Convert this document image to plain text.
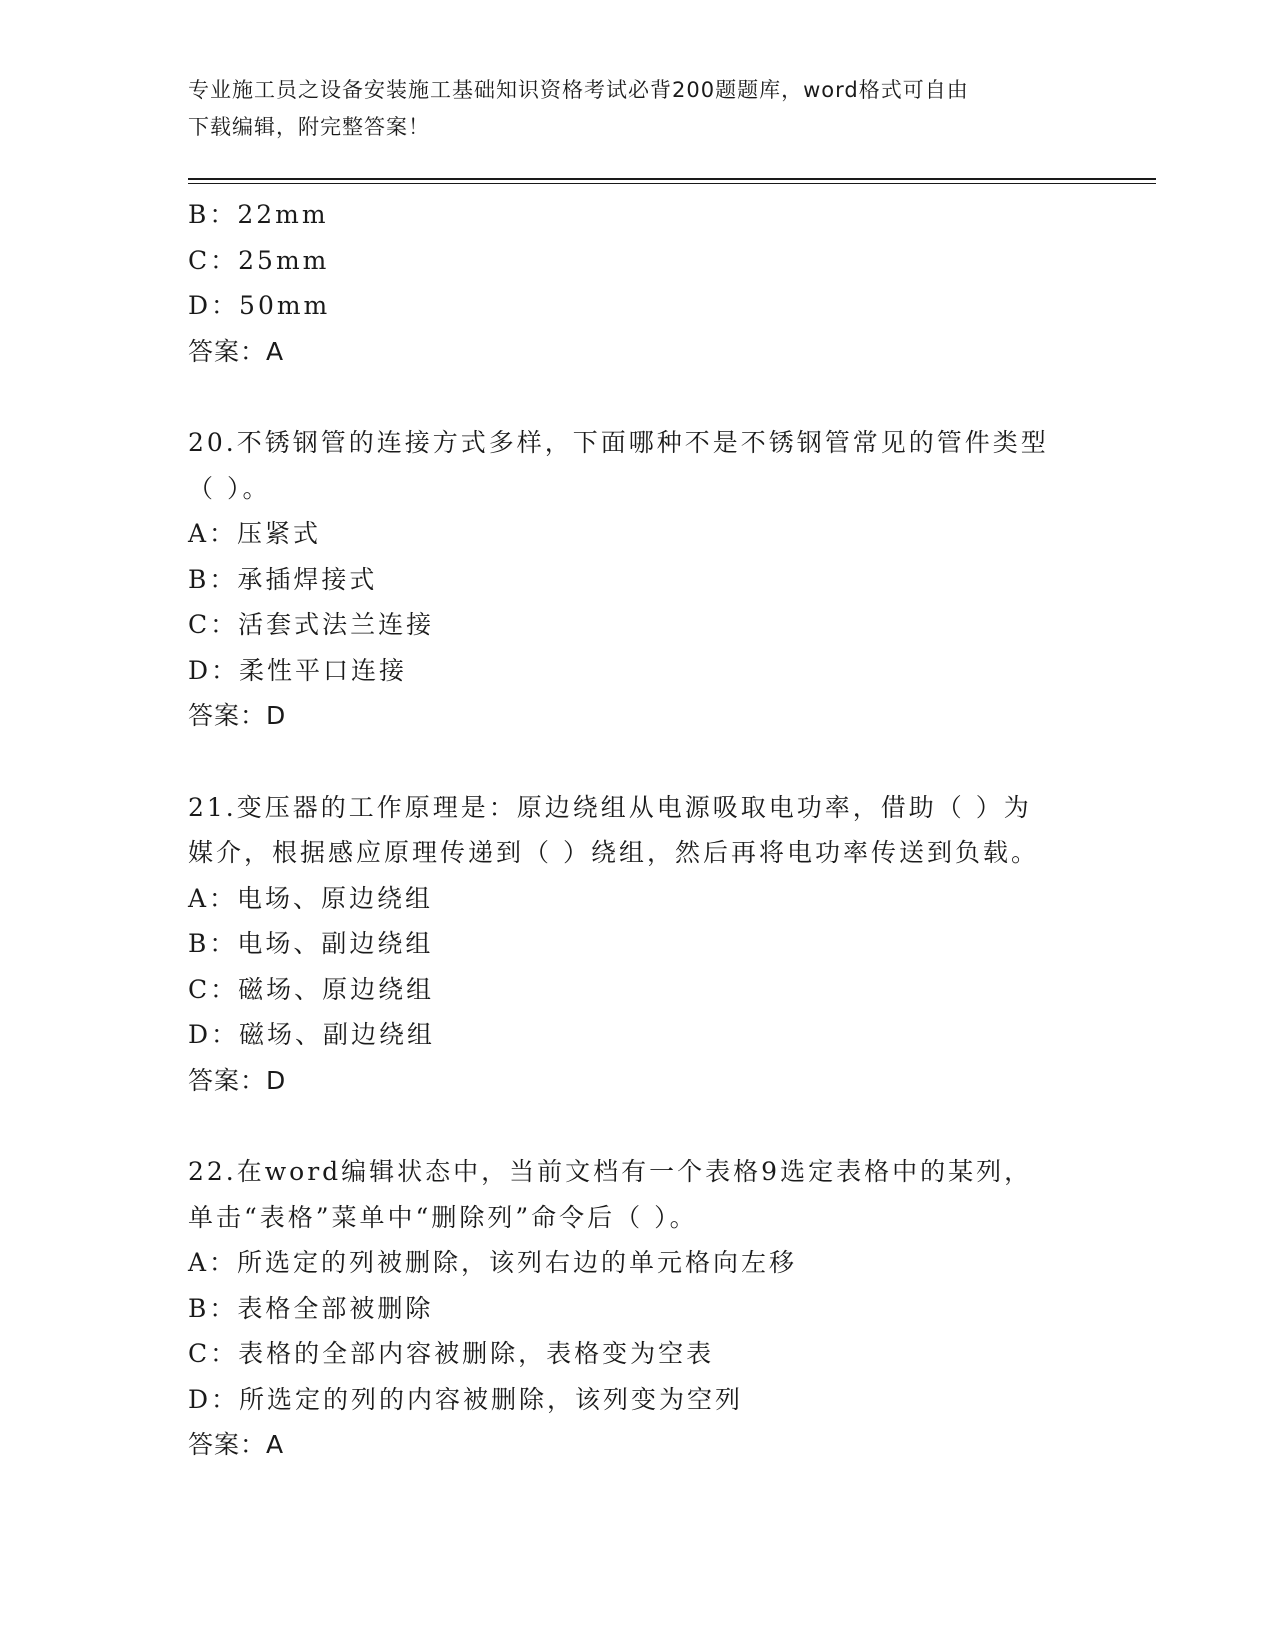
专业施工员之设备安装施工基础知识资格考试必背200题题库，word格式可自由
下载编辑，附完整答案！
B：22mm
C：25mm
D：50mm
答案：A
20.不锈钢管的连接方式多样，下面哪种不是不锈钢管常见的管件类型
（ ）。
A：压紧式
B：承插焊接式
C：活套式法兰连接
D：柔性平口连接
答案：D
21.变压器的工作原理是：原边绕组从电源吸取电功率，借助（ ）为
媒介，根据感应原理传递到（ ）绕组，然后再将电功率传送到负载。
A：电场、原边绕组
B：电场、副边绕组
C：磁场、原边绕组
D：磁场、副边绕组
答案：D
22.在word编辑状态中，当前文档有一个表格9选定表格中的某列，
单击“表格”菜单中“删除列”命令后（ ）。
A：所选定的列被删除，该列右边的单元格向左移
B：表格全部被删除
C：表格的全部内容被删除，表格变为空表
D：所选定的列的内容被删除，该列变为空列
答案：A
